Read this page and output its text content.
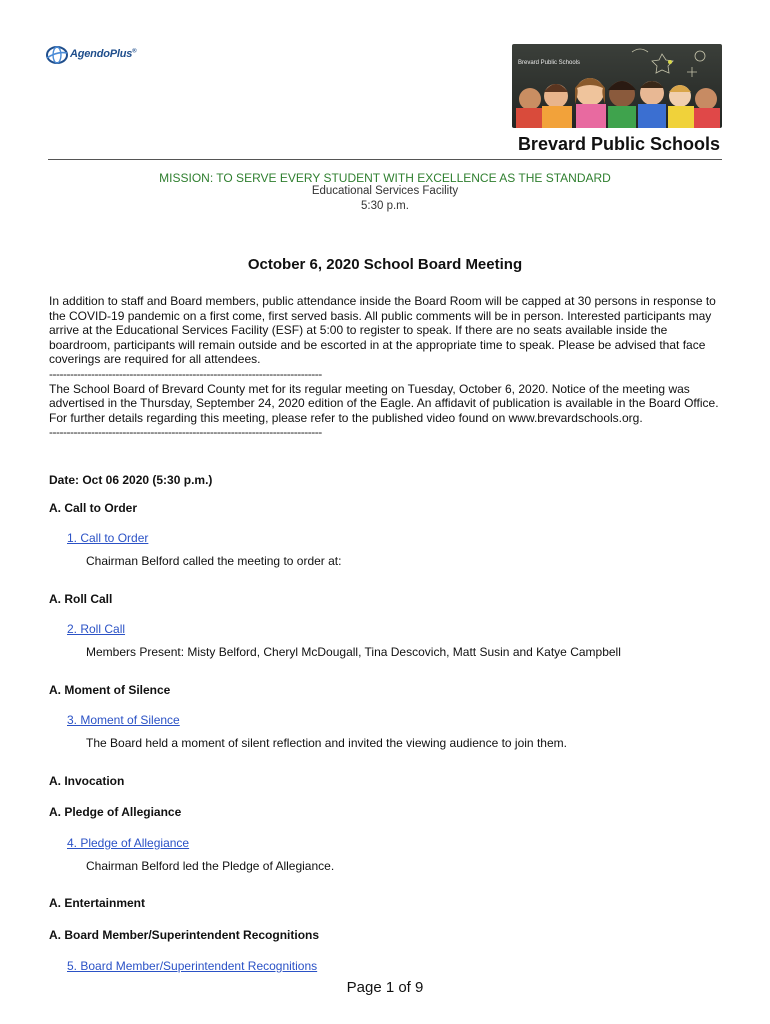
AgendoPlus®
Brevard Public Schools
Brevard Public Schools
MISSION: TO SERVE EVERY STUDENT WITH EXCELLENCE AS THE STANDARD
Educational Services Facility
5:30 p.m.
October 6, 2020 School Board Meeting

In addition to staff and Board members, public attendance inside the Board Room will be capped at 30 persons in response to the COVID-19 pandemic on a first come, first served basis. All public comments will be in person. Interested participants may arrive at the Educational Services Facility (ESF) at 5:00 to register to speak. If there are no seats available inside the boardroom, participants will remain outside and be escorted in at the appropriate time to speak. Please be advised that face coverings are required for all attendees.

------------------------------------------------------------------------------

The School Board of Brevard County met for its regular meeting on Tuesday, October 6, 2020. Notice of the meeting was advertised in the Thursday, September 24, 2020 edition of the Eagle. An affidavit of publication is available in the Board Office. For further details regarding this meeting, please refer to the published video found on www.brevardschools.org.

------------------------------------------------------------------------------

Date: Oct 06 2020 (5:30 p.m.)
A. Call to Order
1. Call to Order
Chairman Belford called the meeting to order at:
A. Roll Call
2. Roll Call
Members Present: Misty Belford, Cheryl McDougall, Tina Descovich, Matt Susin and Katye Campbell
A. Moment of Silence
3. Moment of Silence
The Board held a moment of silent reflection and invited the viewing audience to join them.
A. Invocation
A. Pledge of Allegiance
4. Pledge of Allegiance
Chairman Belford led the Pledge of Allegiance.
A. Entertainment
A. Board Member/Superintendent Recognitions
5. Board Member/Superintendent Recognitions
Page 1 of 9
